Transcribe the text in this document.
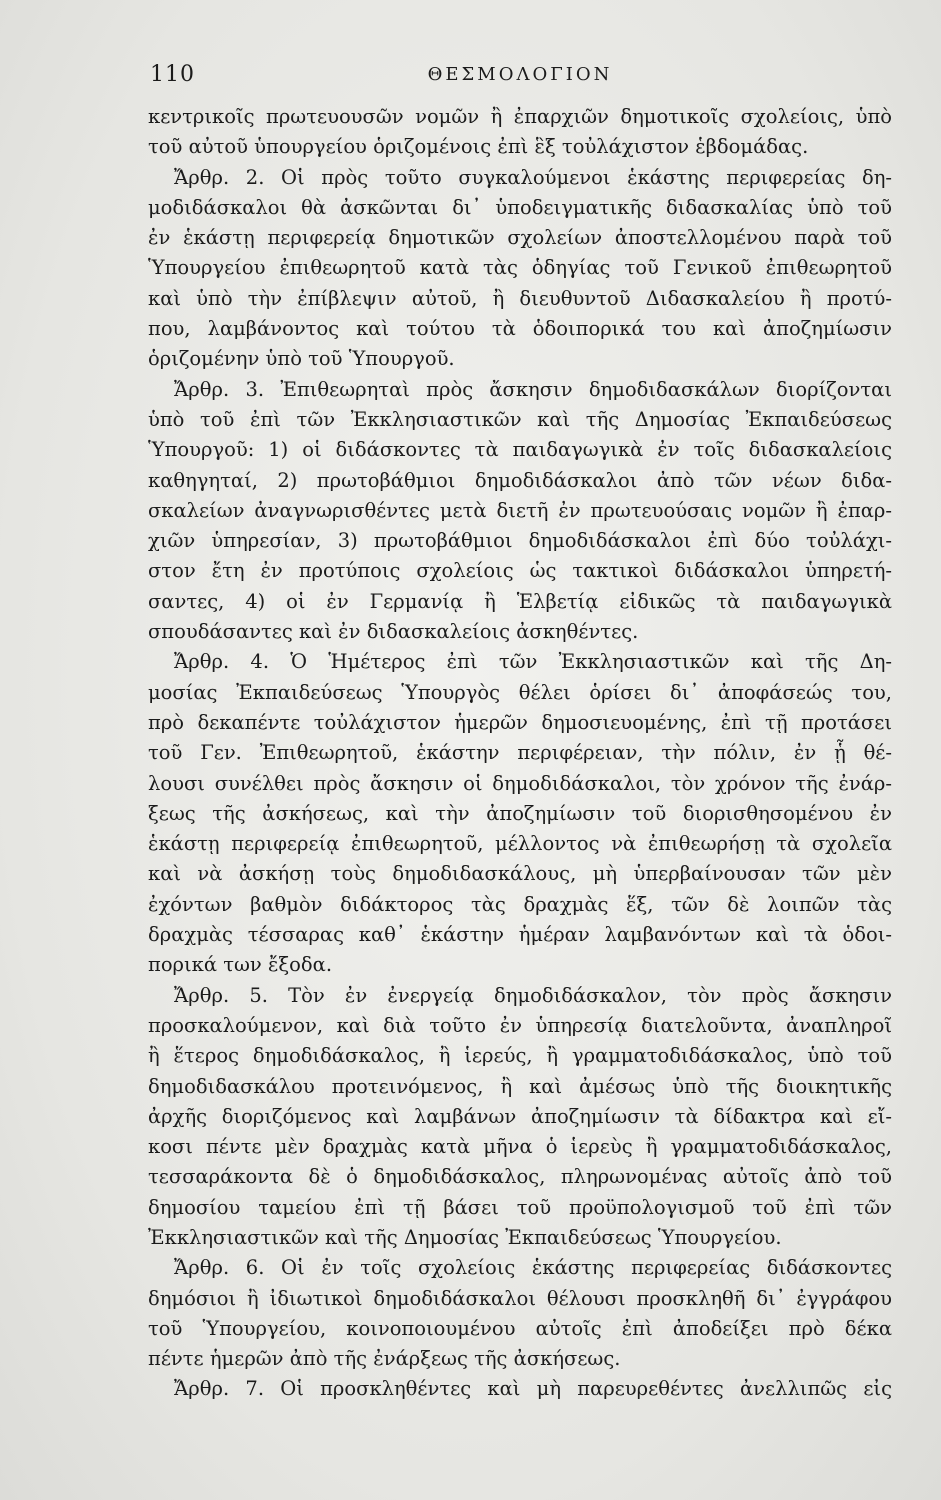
110	ΘΕΣΜΟΛΟΓΙΟΝ
κεντρικοῖς πρωτευουσῶν νομῶν ἢ ἐπαρχιῶν δημοτικοῖς σχολείοις, ὑπὸ
τοῦ αὐτοῦ ὑπουργείου ὁριζομένοις ἐπὶ ἓξ τοὐλάχιστον ἑβδομάδας.
Ἄρθρ. 2. Οἱ πρὸς τοῦτο συγκαλούμενοι ἑκάστης περιφερείας δη-
μοδιδάσκαλοι θὰ ἀσκῶνται δι᾽ ὑποδειγματικῆς διδασκαλίας ὑπὸ τοῦ
ἐν ἑκάστῃ περιφερείᾳ δημοτικῶν σχολείων ἀποστελλομένου παρὰ τοῦ
Ὑπουργείου ἐπιθεωρητοῦ κατὰ τὰς ὁδηγίας τοῦ Γενικοῦ ἐπιθεωρητοῦ
καὶ ὑπὸ τὴν ἐπίβλεψιν αὐτοῦ, ἢ διευθυντοῦ Διδασκαλείου ἢ προτύ-
που, λαμβάνοντος καὶ τούτου τὰ ὁδοιπορικά του καὶ ἀποζημίωσιν
ὁριζομένην ὑπὸ τοῦ Ὑπουργοῦ.
Ἄρθρ. 3. Ἐπιθεωρηταὶ πρὸς ἄσκησιν δημοδιδασκάλων διορίζονται
ὑπὸ τοῦ ἐπὶ τῶν Ἐκκλησιαστικῶν καὶ τῆς Δημοσίας Ἐκπαιδεύσεως
Ὑπουργοῦ: 1) οἱ διδάσκοντες τὰ παιδαγωγικὰ ἐν τοῖς διδασκαλείοις
καθηγηταί, 2) πρωτοβάθμιοι δημοδιδάσκαλοι ἀπὸ τῶν νέων διδα-
σκαλείων ἀναγνωρισθέντες μετὰ διετῆ ἐν πρωτευούσαις νομῶν ἢ ἐπαρ-
χιῶν ὑπηρεσίαν, 3) πρωτοβάθμιοι δημοδιδάσκαλοι ἐπὶ δύο τοὐλάχι-
στον ἔτη ἐν προτύποις σχολείοις ὡς τακτικοὶ διδάσκαλοι ὑπηρετή-
σαντες, 4) οἱ ἐν Γερμανίᾳ ἢ Ἑλβετίᾳ εἰδικῶς τὰ παιδαγωγικὰ
σπουδάσαντες καὶ ἐν διδασκαλείοις ἀσκηθέντες.
Ἄρθρ. 4. Ὁ Ἡμέτερος ἐπὶ τῶν Ἐκκλησιαστικῶν καὶ τῆς Δη-
μοσίας Ἐκπαιδεύσεως Ὑπουργὸς θέλει ὁρίσει δι᾽ ἀποφάσεώς του,
πρὸ δεκαπέντε τοὐλάχιστον ἡμερῶν δημοσιευομένης, ἐπὶ τῇ προτάσει
τοῦ Γεν. Ἐπιθεωρητοῦ, ἑκάστην περιφέρειαν, τὴν πόλιν, ἐν ᾗ θέ-
λουσι συνέλθει πρὸς ἄσκησιν οἱ δημοδιδάσκαλοι, τὸν χρόνον τῆς ἐνάρ-
ξεως τῆς ἀσκήσεως, καὶ τὴν ἀποζημίωσιν τοῦ διορισθησομένου ἐν
ἑκάστῃ περιφερείᾳ ἐπιθεωρητοῦ, μέλλοντος νὰ ἐπιθεωρήσῃ τὰ σχολεῖα
καὶ νὰ ἀσκήσῃ τοὺς δημοδιδασκάλους, μὴ ὑπερβαίνουσαν τῶν μὲν
ἐχόντων βαθμὸν διδάκτορος τὰς δραχμὰς ἕξ, τῶν δὲ λοιπῶν τὰς
δραχμὰς τέσσαρας καθ᾽ ἑκάστην ἡμέραν λαμβανόντων καὶ τὰ ὁδοι-
πορικά των ἔξοδα.
Ἄρθρ. 5. Τὸν ἐν ἐνεργείᾳ δημοδιδάσκαλον, τὸν πρὸς ἄσκησιν
προσκαλούμενον, καὶ διὰ τοῦτο ἐν ὑπηρεσίᾳ διατελοῦντα, ἀναπληροῖ
ἢ ἕτερος δημοδιδάσκαλος, ἢ ἱερεύς, ἢ γραμματοδιδάσκαλος, ὑπὸ τοῦ
δημοδιδασκάλου προτεινόμενος, ἢ καὶ ἀμέσως ὑπὸ τῆς διοικητικῆς
ἀρχῆς διοριζόμενος καὶ λαμβάνων ἀποζημίωσιν τὰ δίδακτρα καὶ εἴ-
κοσι πέντε μὲν δραχμὰς κατὰ μῆνα ὁ ἱερεὺς ἢ γραμματοδιδάσκαλος,
τεσσαράκοντα δὲ ὁ δημοδιδάσκαλος, πληρωνομένας αὐτοῖς ἀπὸ τοῦ
δημοσίου ταμείου ἐπὶ τῇ βάσει τοῦ προϋπολογισμοῦ τοῦ ἐπὶ τῶν
Ἐκκλησιαστικῶν καὶ τῆς Δημοσίας Ἐκπαιδεύσεως Ὑπουργείου.
Ἄρθρ. 6. Οἱ ἐν τοῖς σχολείοις ἑκάστης περιφερείας διδάσκοντες
δημόσιοι ἢ ἰδιωτικοὶ δημοδιδάσκαλοι θέλουσι προσκληθῆ δι᾽ ἐγγράφου
τοῦ Ὑπουργείου, κοινοποιουμένου αὐτοῖς ἐπὶ ἀποδείξει πρὸ δέκα
πέντε ἡμερῶν ἀπὸ τῆς ἐνάρξεως τῆς ἀσκήσεως.
Ἄρθρ. 7. Οἱ προσκληθέντες καὶ μὴ παρευρεθέντες ἀνελλιπῶς εἰς
